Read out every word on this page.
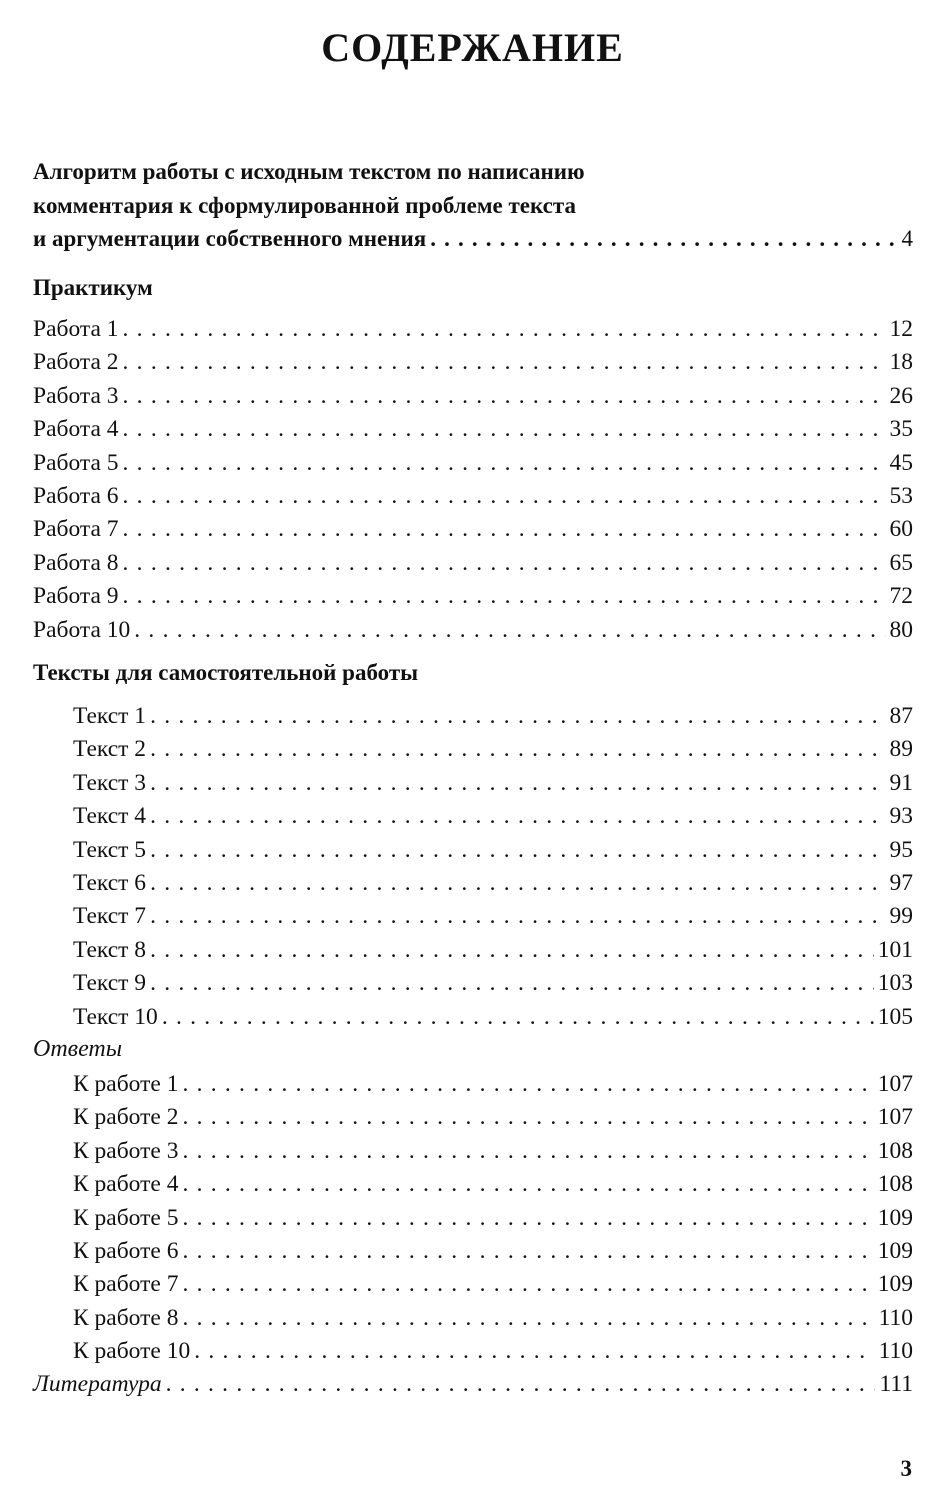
СОДЕРЖАНИЕ
Алгоритм работы с исходным текстом по написанию
комментария к сформулированной проблеме текста
и аргументации собственного мнения . . .	4
Практикум
Работа 1 . . .	12
Работа 2 . . .	18
Работа 3 . . .	26
Работа 4 . . .	35
Работа 5 . . .	45
Работа 6 . . .	53
Работа 7 . . .	60
Работа 8 . . .	65
Работа 9 . . .	72
Работа 10 . . .	80
Тексты для самостоятельной работы
Текст 1 . . .	87
Текст 2 . . .	89
Текст 3 . . .	91
Текст 4 . . .	93
Текст 5 . . .	95
Текст 6 . . .	97
Текст 7 . . .	99
Текст 8 . . .	101
Текст 9 . . .	103
Текст 10 . . .	105
Ответы
К работе 1 . . .	107
К работе 2 . . .	107
К работе 3 . . .	108
К работе 4 . . .	108
К работе 5 . . .	109
К работе 6 . . .	109
К работе 7 . . .	109
К работе 8 . . .	110
К работе 10 . . .	110
Литература . . .	111
3
